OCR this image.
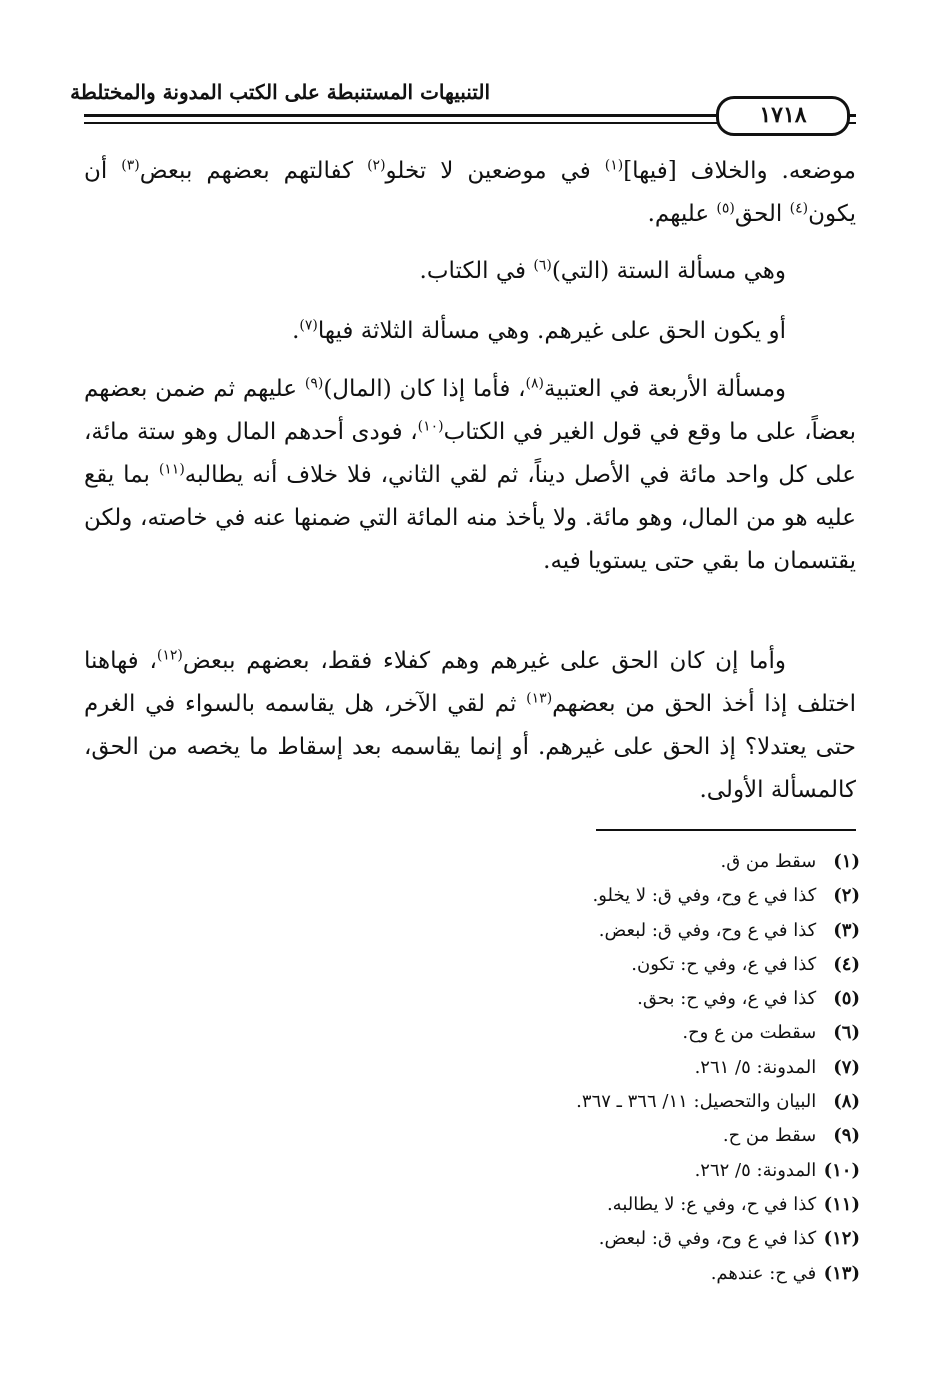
التنبيهات المستنبطة على الكتب المدونة والمختلطة
١٧١٨

موضعه. والخلاف [فيها]$^{(١)}$ في موضعين لا تخلو$^{(٢)}$ كفالتهم بعضهم ببعض$^{(٣)}$ أن يكون$^{(٤)}$ الحق$^{(٥)}$ عليهم.

وهي مسألة الستة (التي)$^{(٦)}$ في الكتاب.

أو يكون الحق على غيرهم. وهي مسألة الثلاثة فيها$^{(٧)}$.

ومسألة الأربعة في العتبية$^{(٨)}$، فأما إذا كان (المال)$^{(٩)}$ عليهم ثم ضمن بعضهم بعضاً، على ما وقع في قول الغير في الكتاب$^{(١٠)}$، فودى أحدهم المال وهو ستة مائة، على كل واحد مائة في الأصل ديناً، ثم لقي الثاني، فلا خلاف أنه يطالبه$^{(١١)}$ بما يقع عليه هو من المال، وهو مائة. ولا يأخذ منه المائة التي ضمنها عنه في خاصته، ولكن يقتسمان ما بقي حتى يستويا فيه.

وأما إن كان الحق على غيرهم وهم كفلاء فقط، بعضهم ببعض$^{(١٢)}$، فهاهنا اختلف إذا أخذ الحق من بعضهم$^{(١٣)}$ ثم لقي الآخر، هل يقاسمه بالسواء في الغرم حتى يعتدلا؟ إذ الحق على غيرهم. أو إنما يقاسمه بعد إسقاط ما يخصه من الحق، كالمسألة الأولى.

(١) سقط من ق.
(٢) كذا في ع وح، وفي ق: لا يخلو.
(٣) كذا في ع وح، وفي ق: لبعض.
(٤) كذا في ع، وفي ح: تكون.
(٥) كذا في ع، وفي ح: بحق.
(٦) سقطت من ع وح.
(٧) المدونة: ٥/ ٢٦١.
(٨) البيان والتحصيل: ١١/ ٣٦٦ ـ ٣٦٧.
(٩) سقط من ح.
(١٠) المدونة: ٥/ ٢٦٢.
(١١) كذا في ح، وفي ع: لا يطالبه.
(١٢) كذا في ع وح، وفي ق: لبعض.
(١٣) في ح: عندهم.
